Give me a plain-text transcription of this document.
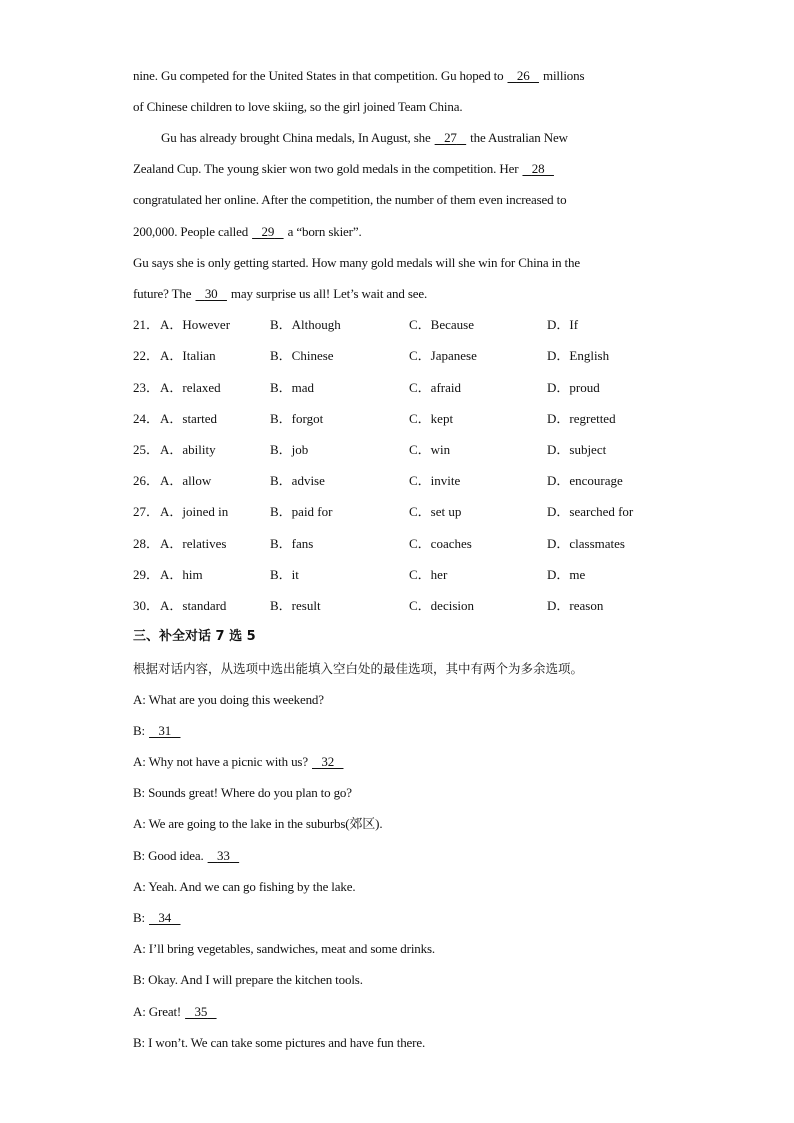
nine. Gu competed for the United States in that competition. Gu hoped to 26 millions
of Chinese children to love skiing, so the girl joined Team China.
Gu has already brought China medals, In August, she 27 the Australian New
Zealand Cup. The young skier won two gold medals in the competition. Her 28
congratulated her online. After the competition, the number of them even increased to
200,000. People called 29 a “born skier”.
Gu says she is only getting started. How many gold medals will she win for China in the
future? The 30 may surprise us all! Let’s wait and see.
21． A．However	B．Although	C．Because	D．If
22． A．Italian	B．Chinese	C．Japanese	D．English
23． A．relaxed	B．mad	C．afraid	D．proud
24． A．started	B．forgot	C．kept	D．regretted
25． A．ability	B．job	C．win	D．subject
26． A．allow	B．advise	C．invite	D．encourage
27． A．joined in	B．paid for	C．set up	D．searched for
28． A．relatives	B．fans	C．coaches	D．classmates
29． A．him	B．it	C．her	D．me
30． A．standard	B．result	C．decision	D．reason
三、补全对话 7 选 5
根据对话内容，从选项中选出能填入空白处的最佳选项，其中有两个为多余选项。
A: What are you doing this weekend?
B: 31
A: Why not have a picnic with us? 32
B: Sounds great! Where do you plan to go?
A: We are going to the lake in the suburbs(郊区).
B: Good idea. 33
A: Yeah. And we can go fishing by the lake.
B: 34
A: I’ll bring vegetables, sandwiches, meat and some drinks.
B: Okay. And I will prepare the kitchen tools.
A: Great! 35
B: I won’t. We can take some pictures and have fun there.
